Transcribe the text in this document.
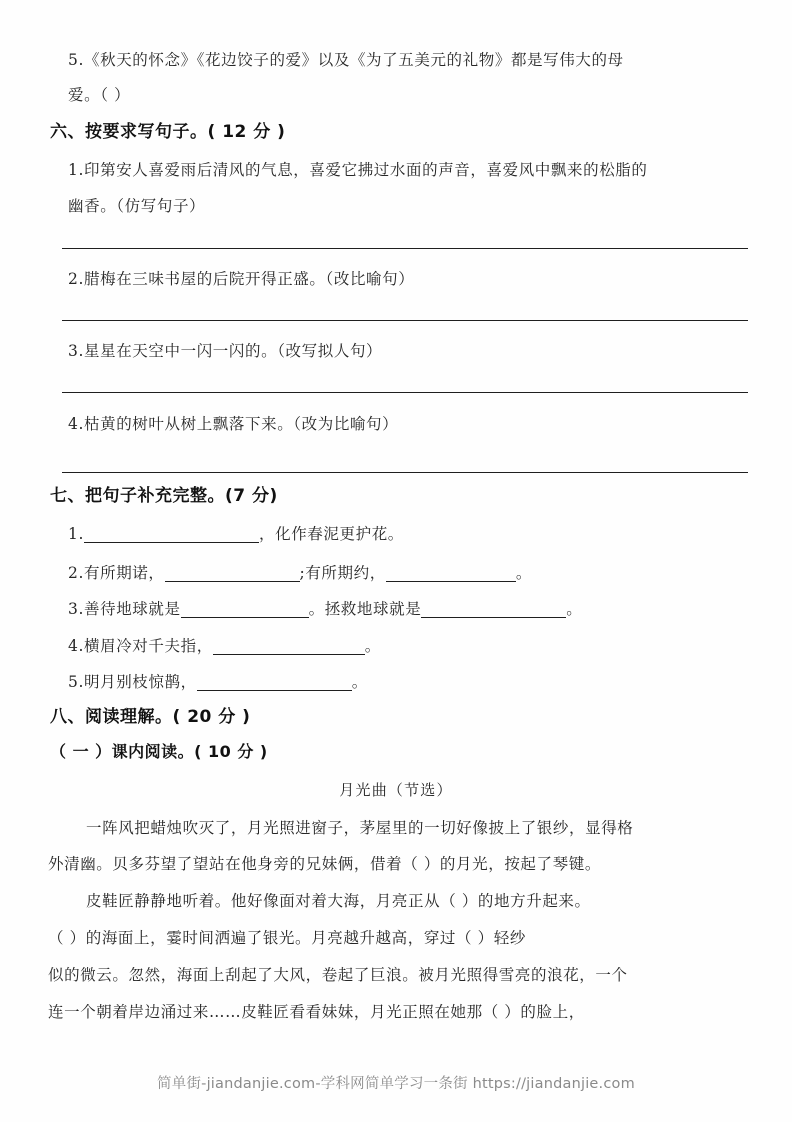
5.《秋天的怀念》《花边饺子的爱》以及《为了五美元的礼物》都是写伟大的母
爱。（ ）
六、按要求写句子。( 12 分 )
1.印第安人喜爱雨后清风的气息，喜爱它拂过水面的声音，喜爱风中飘来的松脂的
幽香。（仿写句子）
2.腊梅在三味书屋的后院开得正盛。（改比喻句）
3.星星在天空中一闪一闪的。（改写拟人句）
4.枯黄的树叶从树上飘落下来。（改为比喻句）
七、把句子补充完整。(7 分)
1.	，化作春泥更护花。
2.有所期诺，	;有所期约，	。
3.善待地球就是	。拯救地球就是	。
4.横眉冷对千夫指，	。
5.明月别枝惊鹊，	。
八、阅读理解。( 20 分 )
（ 一 ）课内阅读。( 10 分 )
月光曲（节选）
一阵风把蜡烛吹灭了，月光照进窗子，茅屋里的一切好像披上了银纱，显得格
外清幽。贝多芬望了望站在他身旁的兄妹俩，借着（ ）的月光，按起了琴键。
皮鞋匠静静地听着。他好像面对着大海，月亮正从（ ）的地方升起来。
（ ）的海面上，霎时间洒遍了银光。月亮越升越高，穿过（ ）轻纱
似的微云。忽然，海面上刮起了大风，卷起了巨浪。被月光照得雪亮的浪花，一个
连一个朝着岸边涌过来……皮鞋匠看看妹妹，月光正照在她那（ ）的脸上，
简单街-jiandanjie.com-学科网简单学习一条街 https://jiandanjie.com
